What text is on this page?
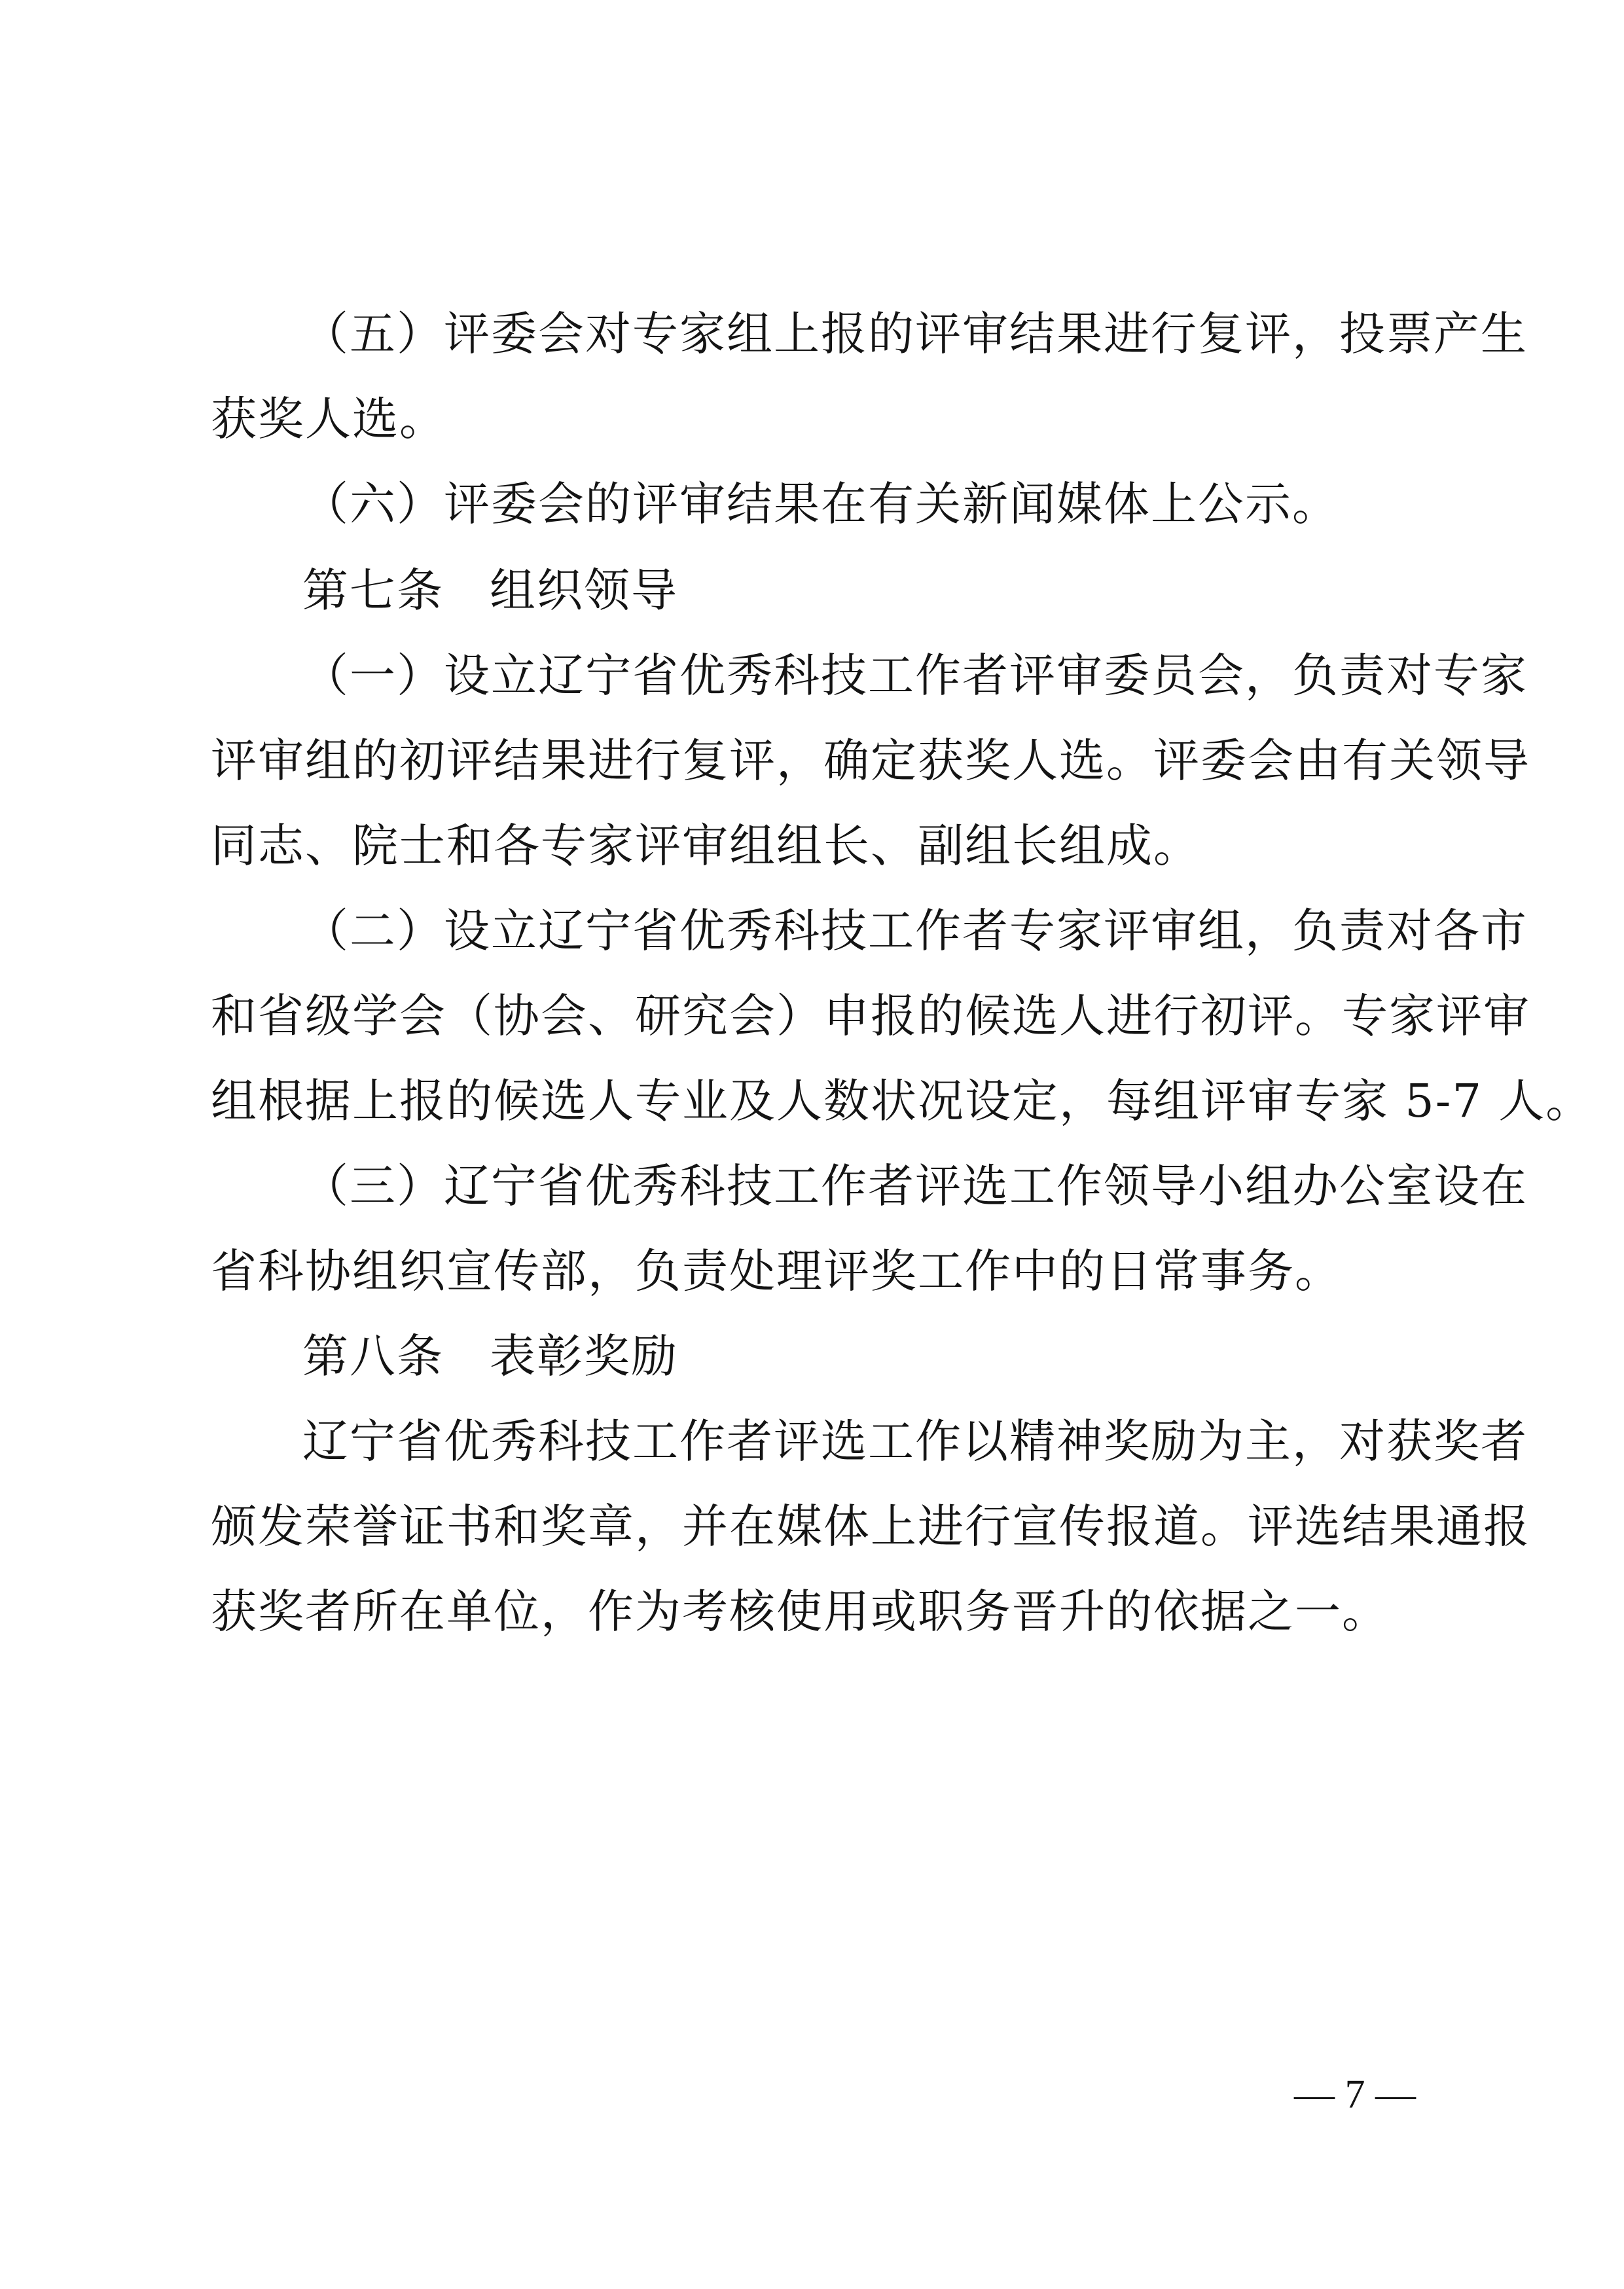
（五）评委会对专家组上报的评审结果进行复评，投票产生
获奖人选。
（六）评委会的评审结果在有关新闻媒体上公示。
第七条 组织领导
（一）设立辽宁省优秀科技工作者评审委员会，负责对专家
评审组的初评结果进行复评，确定获奖人选。评委会由有关领导
同志、院士和各专家评审组组长、副组长组成。
（二）设立辽宁省优秀科技工作者专家评审组，负责对各市
和省级学会（协会、研究会）申报的候选人进行初评。专家评审
组根据上报的候选人专业及人数状况设定，每组评审专家 5-7 人。
（三）辽宁省优秀科技工作者评选工作领导小组办公室设在
省科协组织宣传部，负责处理评奖工作中的日常事务。
第八条 表彰奖励
辽宁省优秀科技工作者评选工作以精神奖励为主，对获奖者
颁发荣誉证书和奖章，并在媒体上进行宣传报道。评选结果通报
获奖者所在单位，作为考核使用或职务晋升的依据之一。
— 7 —
